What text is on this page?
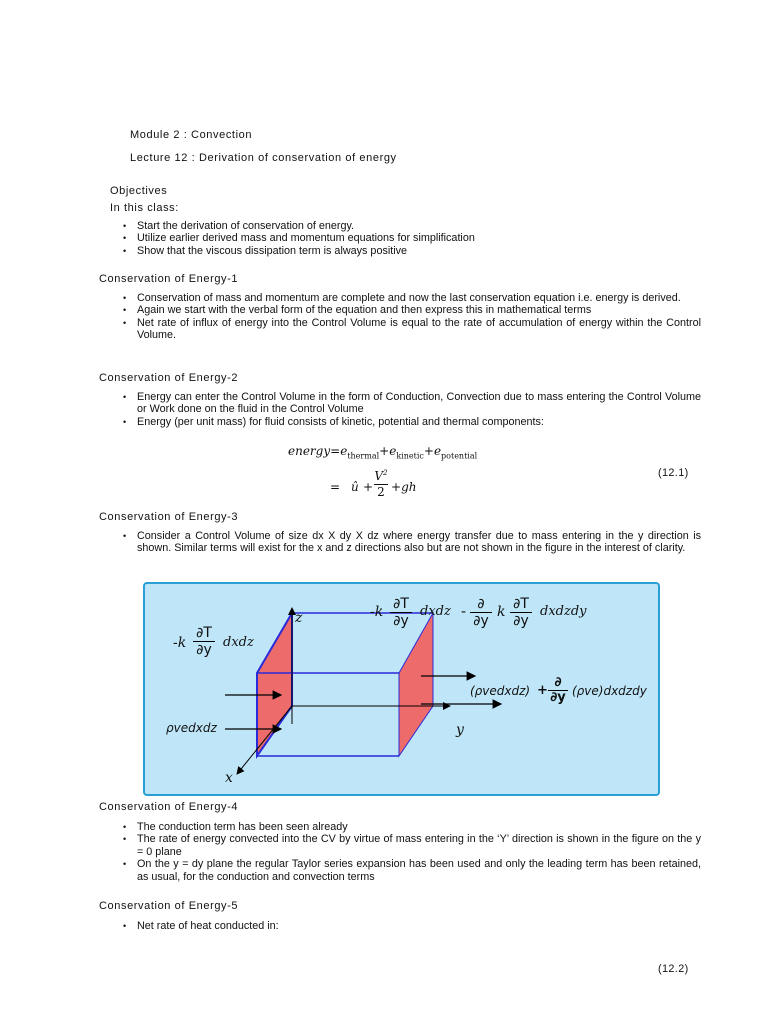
Module 2 : Convection
Lecture 12 : Derivation of conservation of energy
Objectives
In this class:
• Start the derivation of conservation of energy.
• Utilize earlier derived mass and momentum equations for simplification
• Show that the viscous dissipation term is always positive
Conservation of Energy-1
• Conservation of mass and momentum are complete and now the last conservation equation i.e. energy is derived.
• Again we start with the verbal form of the equation and then express this in mathematical terms
• Net rate of influx of energy into the Control Volume is equal to the rate of accumulation of energy within the Control Volume.
Conservation of Energy-2
• Energy can enter the Control Volume in the form of Conduction, Convection due to mass entering the Control Volume or Work done on the fluid in the Control Volume
• Energy (per unit mass) for fluid consists of kinetic, potential and thermal components:
$energy=e_{thermal}+e_{kinetic}+e_{potential}$
= û +
$V^2$
2 +gh
(12.1)
Conservation of Energy-3
• Consider a Control Volume of size dx X dy X dz where energy transfer due to mass entering in the y direction is shown. Similar terms will exist for the x and z directions also but are not shown in the figure in the interest of clarity.
z
y
x
-k
∂T
∂y dxdz
-k ∂T
∂y
dxdz - ∂
∂y
k ∂T
∂y
dxdzdy
ρvedxdz
(ρvedxdz) +
∂
∂y (ρve)dxdzdy
Conservation of Energy-4
• The conduction term has been seen already
• The rate of energy convected into the CV by virtue of mass entering in the ‘Y’ direction is shown in the figure on the y = 0 plane
• On the y = dy plane the regular Taylor series expansion has been used and only the leading term has been retained, as usual, for the conduction and convection terms
Conservation of Energy-5
• Net rate of heat conducted in:
(12.2)
